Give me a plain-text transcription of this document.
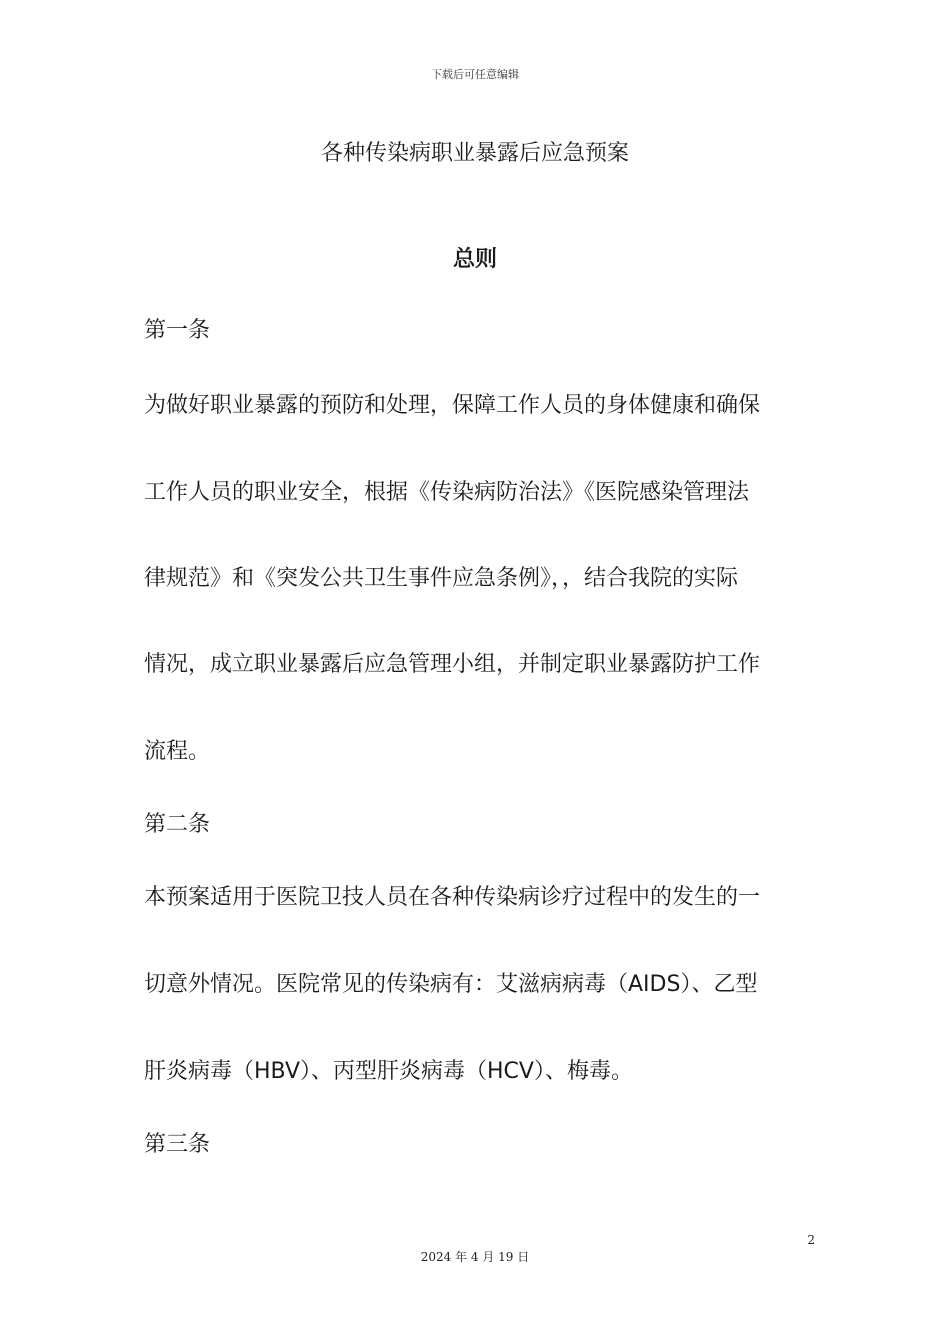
下载后可任意编辑
各种传染病职业暴露后应急预案
总则
第一条
为做好职业暴露的预防和处理，保障工作人员的身体健康和确保
工作人员的职业安全，根据《传染病防治法》《医院感染管理法
律规范》和《突发公共卫生事件应急条例》，，结合我院的实际
情况，成立职业暴露后应急管理小组，并制定职业暴露防护工作
流程。
第二条
本预案适用于医院卫技人员在各种传染病诊疗过程中的发生的一
切意外情况。医院常见的传染病有：艾滋病病毒（AIDS）、乙型
肝炎病毒（HBV）、丙型肝炎病毒（HCV）、梅毒。
第三条
2
2024 年 4 月 19 日
